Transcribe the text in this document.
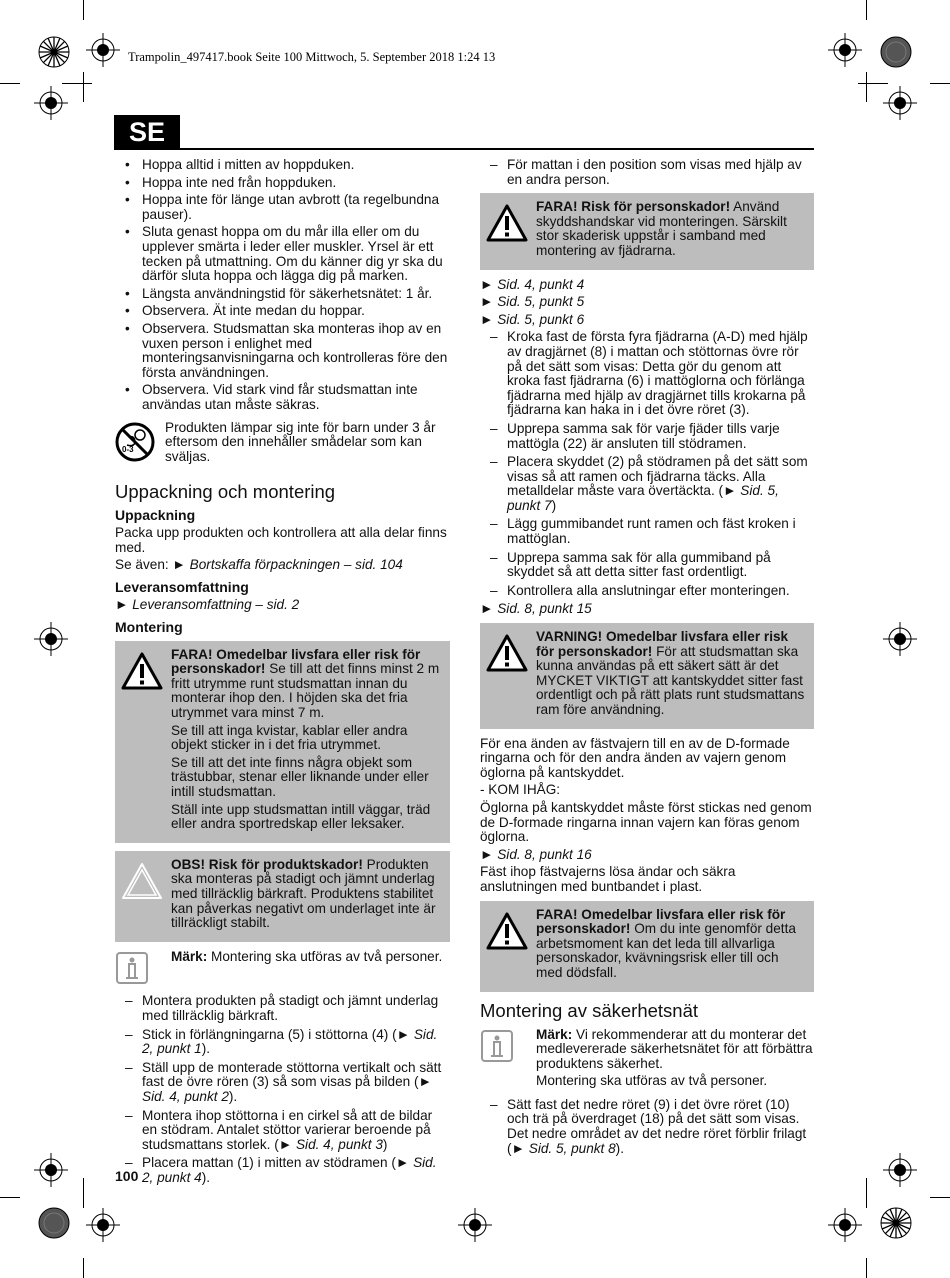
Trampolin_497417.book Seite 100 Mittwoch, 5. September 2018 1:24 13
SE
• Hoppa alltid i mitten av hoppduken.
• Hoppa inte ned från hoppduken.
• Hoppa inte för länge utan avbrott (ta regelbundna pauser).
• Sluta genast hoppa om du mår illa eller om du upplever smärta i leder eller muskler. Yrsel är ett tecken på utmattning. Om du känner dig yr ska du därför sluta hoppa och lägga dig på marken.
• Längsta användningstid för säkerhetsnätet: 1 år.
• Observera. Ät inte medan du hoppar.
• Observera. Studsmattan ska monteras ihop av en vuxen person i enlighet med monteringsanvisningarna och kontrolleras före den första användningen.
• Observera. Vid stark vind får studsmattan inte användas utan måste säkras.
0-3

Produkten lämpar sig inte för barn under 3 år eftersom den innehåller smådelar som kan sväljas.

Uppackning och montering
Uppackning

Packa upp produkten och kontrollera att alla delar finns med.

Se även: ► Bortskaffa förpackningen – sid. 104

Leveransomfattning

► Leveransomfattning – sid. 2

Montering

FARA! Omedelbar livsfara eller risk för personskador! Se till att det finns minst 2 m fritt utrymme runt studsmattan innan du monterar ihop den. I höjden ska det fria utrymmet vara minst 7 m.

Se till att inga kvistar, kablar eller andra objekt sticker in i det fria utrymmet.

Se till att det inte finns några objekt som trästubbar, stenar eller liknande under eller intill studsmattan.

Ställ inte upp studsmattan intill väggar, träd eller andra sportredskap eller leksaker.

OBS! Risk för produktskador! Produkten ska monteras på stadigt och jämnt underlag med tillräcklig bärkraft. Produktens stabilitet kan påverkas negativt om underlaget inte är tillräckligt stabilt.

Märk: Montering ska utföras av två personer.

– Montera produkten på stadigt och jämnt underlag med tillräcklig bärkraft.
– Stick in förlängningarna (5) i stöttorna (4) (► Sid. 2, punkt 1).
– Ställ upp de monterade stöttorna vertikalt och sätt fast de övre rören (3) så som visas på bilden (► Sid. 4, punkt 2).
– Montera ihop stöttorna i en cirkel så att de bildar en stödram. Antalet stöttor varierar beroende på studsmattans storlek. (► Sid. 4, punkt 3)
– Placera mattan (1) i mitten av stödramen (► Sid. 2, punkt 4).
– För mattan i den position som visas med hjälp av en andra person.

FARA! Risk för personskador! Använd skyddshandskar vid monteringen. Särskilt stor skaderisk uppstår i samband med montering av fjädrarna.

► Sid. 4, punkt 4

► Sid. 5, punkt 5

► Sid. 5, punkt 6

– Kroka fast de första fyra fjädrarna (A-D) med hjälp av dragjärnet (8) i mattan och stöttornas övre rör på det sätt som visas: Detta gör du genom att kroka fast fjädrarna (6) i mattöglorna och förlänga fjädrarna med hjälp av dragjärnet tills krokarna på fjädrarna kan haka in i det övre röret (3).
– Upprepa samma sak för varje fjäder tills varje mattögla (22) är ansluten till stödramen.
– Placera skyddet (2) på stödramen på det sätt som visas så att ramen och fjädrarna täcks. Alla metalldelar måste vara övertäckta. (► Sid. 5, punkt 7)
– Lägg gummibandet runt ramen och fäst kroken i mattöglan.
– Upprepa samma sak för alla gummiband på skyddet så att detta sitter fast ordentligt.
– Kontrollera alla anslutningar efter monteringen.

► Sid. 8, punkt 15

VARNING! Omedelbar livsfara eller risk för personskador! För att studsmattan ska kunna användas på ett säkert sätt är det MYCKET VIKTIGT att kantskyddet sitter fast ordentligt och på rätt plats runt studsmattans ram före användning.

För ena änden av fästvajern till en av de D-formade ringarna och för den andra änden av vajern genom öglorna på kantskyddet.

- KOM IHÅG:

Öglorna på kantskyddet måste först stickas ned genom de D-formade ringarna innan vajern kan föras genom öglorna.

► Sid. 8, punkt 16

Fäst ihop fästvajerns lösa ändar och säkra anslutningen med buntbandet i plast.

FARA! Omedelbar livsfara eller risk för personskador! Om du inte genomför detta arbetsmoment kan det leda till allvarliga personskador, kvävningsrisk eller till och med dödsfall.

Montering av säkerhetsnät

Märk: Vi rekommenderar att du monterar det medlevererade säkerhetsnätet för att förbättra produktens säkerhet.

Montering ska utföras av två personer.

– Sätt fast det nedre röret (9) i det övre röret (10) och trä på överdraget (18) på det sätt som visas. Det nedre området av det nedre röret förblir frilagt (► Sid. 5, punkt 8).
100
